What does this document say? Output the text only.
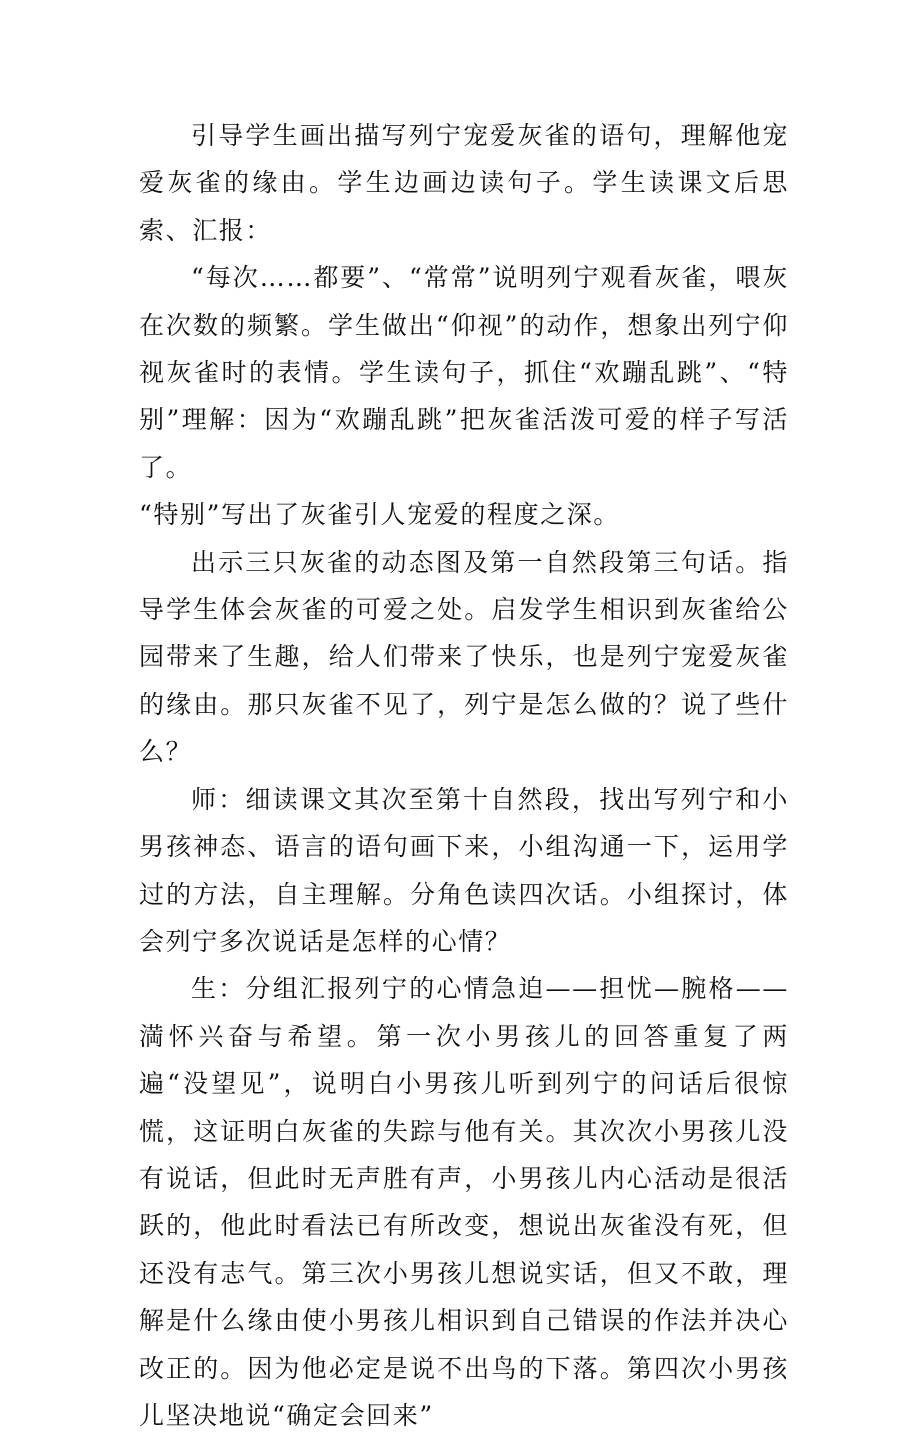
引导学生画出描写列宁宠爱灰雀的语句，理解他宠爱灰雀的缘由。学生边画边读句子。学生读课文后思索、汇报：

“每次……都要”、“常常”说明列宁观看灰雀，喂灰在次数的频繁。学生做出“仰视”的动作，想象出列宁仰视灰雀时的表情。学生读句子，抓住“欢蹦乱跳”、“特别”理解：因为“欢蹦乱跳”把灰雀活泼可爱的样子写活了。

“特别”写出了灰雀引人宠爱的程度之深。

出示三只灰雀的动态图及第一自然段第三句话。指导学生体会灰雀的可爱之处。启发学生相识到灰雀给公园带来了生趣，给人们带来了快乐，也是列宁宠爱灰雀的缘由。那只灰雀不见了，列宁是怎么做的？说了些什么？

师：细读课文其次至第十自然段，找出写列宁和小男孩神态、语言的语句画下来，小组沟通一下，运用学过的方法，自主理解。分角色读四次话。小组探讨，体会列宁多次说话是怎样的心情？

生：分组汇报列宁的心情急迫——担忧—腕格——満怀兴奋与希望。第一次小男孩儿的回答重复了两遍“没望见”，说明白小男孩儿听到列宁的问话后很惊慌，这证明白灰雀的失踪与他有关。其次次小男孩儿没有说话，但此时无声胜有声，小男孩儿内心活动是很活跃的，他此时看法已有所改变，想说出灰雀没有死，但还没有志气。第三次小男孩儿想说实话，但又不敢，理解是什么缘由使小男孩儿相识到自己错误的作法并决心改正的。因为他必定是说不出鸟的下落。第四次小男孩儿坚决地说“确定会回来”
